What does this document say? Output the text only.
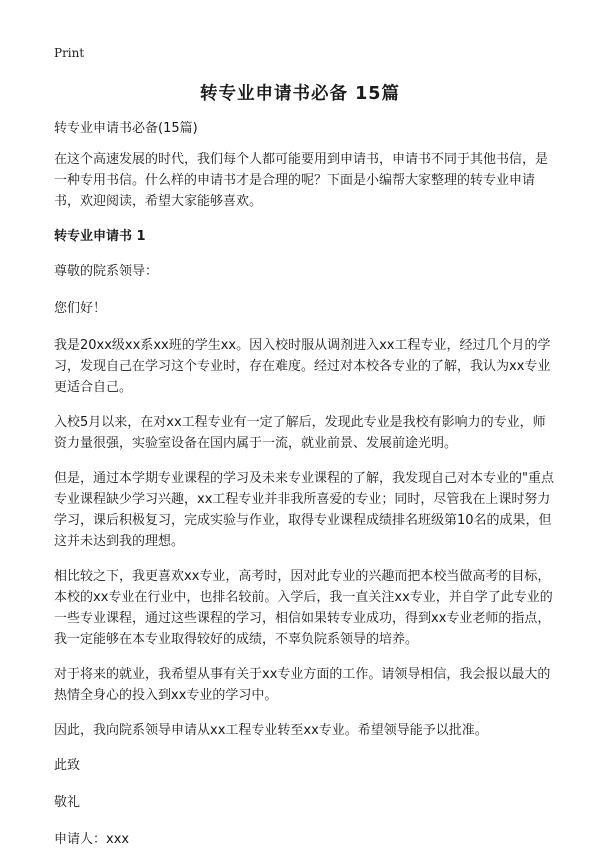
Print
转专业申请书必备 15篇

转专业申请书必备(15篇)

在这个高速发展的时代，我们每个人都可能要用到申请书，申请书不同于其他书信，是一种专用书信。什么样的申请书才是合理的呢？下面是小编帮大家整理的转专业申请书，欢迎阅读，希望大家能够喜欢。

转专业申请书 1

尊敬的院系领导：

您们好！

我是20xx级xx系xx班的学生xx。因入校时服从调剂进入xx工程专业，经过几个月的学习，发现自己在学习这个专业时，存在难度。经过对本校各专业的了解，我认为xx专业更适合自己。

入校5月以来，在对xx工程专业有一定了解后，发现此专业是我校有影响力的专业，师资力量很强，实验室设备在国内属于一流，就业前景、发展前途光明。

但是，通过本学期专业课程的学习及未来专业课程的了解，我发现自己对本专业的"重点专业课程缺少学习兴趣，xx工程专业并非我所喜爱的专业；同时，尽管我在上课时努力学习，课后积极复习，完成实验与作业，取得专业课程成绩排名班级第10名的成果，但这并未达到我的理想。

相比较之下，我更喜欢xx专业，高考时，因对此专业的兴趣而把本校当做高考的目标，本校的xx专业在行业中，也排名较前。入学后，我一直关注xx专业，并自学了此专业的一些专业课程，通过这些课程的学习，相信如果转专业成功，得到xx专业老师的指点，我一定能够在本专业取得较好的成绩，不辜负院系领导的培养。

对于将来的就业，我希望从事有关于xx专业方面的工作。请领导相信，我会报以最大的热情全身心的投入到xx专业的学习中。

因此，我向院系领导申请从xx工程专业转至xx专业。希望领导能予以批准。

此致

敬礼

申请人：xxx
